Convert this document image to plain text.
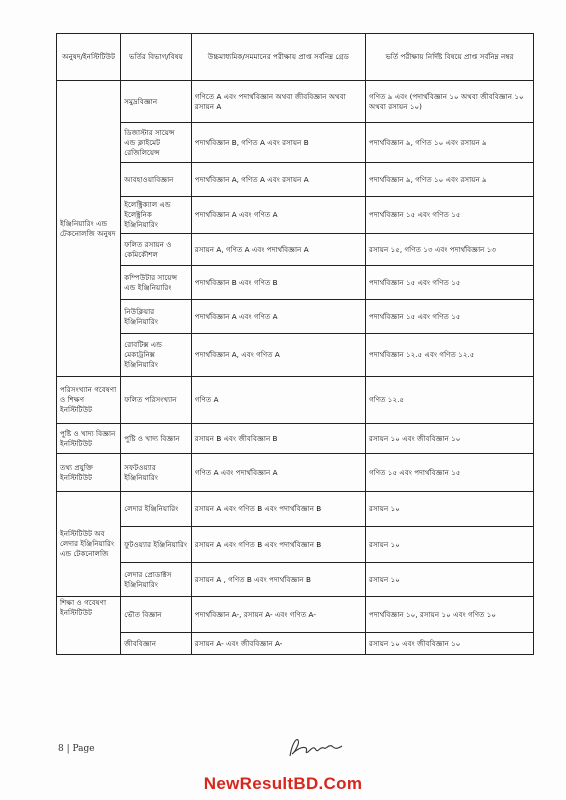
অনুষদ/ইনস্টিটিউট	ভর্তির বিভাগ/বিষয়	উচ্চমাধ্যমিক/সমমানের পরীক্ষায় প্রাপ্ত সর্বনিম্ন গ্রেড	ভর্তি পরীক্ষায় নির্দিষ্ট বিষয়ে প্রাপ্ত সর্বনিম্ন নম্বর
ইঞ্জিনিয়ারিং এন্ড টেকনোলজি অনুষদ	সমুদ্রবিজ্ঞান	গণিতে A এবং পদার্থবিজ্ঞান অথবা জীববিজ্ঞান অথবা রসায়ন A	গণিত ৯ এবং (পদার্থবিজ্ঞান ১০ অথবা জীববিজ্ঞান ১০ অথবা রসায়ন ১০)
	ডিজাস্টার সায়েন্স এন্ড ক্লাইমেট রেজিলিয়েন্স	পদার্থবিজ্ঞান B, গণিত A এবং রসায়ন B	পদার্থবিজ্ঞান ৯, গণিত ১০ এবং রসায়ন ৯
	আবহাওয়াবিজ্ঞান	পদার্থবিজ্ঞান A, গণিত A এবং রসায়ন A	পদার্থবিজ্ঞান ৯, গণিত ১০ এবং রসায়ন ৯
	ইলেক্ট্রিক্যাল এন্ড ইলেক্ট্রনিক ইঞ্জিনিয়ারিং	পদার্থবিজ্ঞান A এবং গণিত A	পদার্থবিজ্ঞান ১৫ এবং গণিত ১৫
	ফলিত রসায়ন ও কেমিকৌশল	রসায়ন A, গণিত A এবং পদার্থবিজ্ঞান A	রসায়ন ১৫, গণিত ১৩ এবং পদার্থবিজ্ঞান ১৩
	কম্পিউটার সায়েন্স এন্ড ইঞ্জিনিয়ারিং	পদার্থবিজ্ঞান B এবং গণিত B	পদার্থবিজ্ঞান ১৫ এবং গণিত ১৫
	নিউক্লিয়ার ইঞ্জিনিয়ারিং	পদার্থবিজ্ঞান A এবং গণিত A	পদার্থবিজ্ঞান ১৫ এবং গণিত ১৫
	রোবটিক্স এন্ড মেকাট্রনিক্স ইঞ্জিনিয়ারিং	পদার্থবিজ্ঞান A, এবং গণিত A	পদার্থবিজ্ঞান ১২.৫ এবং গণিত ১২.৫
পরিসংখ্যান গবেষণা ও শিক্ষণ ইনস্টিটিউট	ফলিত পরিসংখ্যান	গণিত A	গণিত ১২.৫
পুষ্টি ও খাদ্য বিজ্ঞান ইনস্টিটিউট	পুষ্টি ও খাদ্য বিজ্ঞান	রসায়ন B এবং জীববিজ্ঞান B	রসায়ন ১০ এবং জীববিজ্ঞান ১০
তথ্য প্রযুক্তি ইনস্টিটিউট	সফটওয়্যার ইঞ্জিনিয়ারিং	গণিত A এবং পদার্থবিজ্ঞান A	গণিত ১৫ এবং পদার্থবিজ্ঞান ১৫
ইনস্টিটিউট অব লেদার ইঞ্জিনিয়ারিং এন্ড টেকনোলজি	লেদার ইঞ্জিনিয়ারিং	রসায়ন A এবং গণিত B এবং পদার্থবিজ্ঞান B	রসায়ন ১০
	ফুটওয়্যার ইঞ্জিনিয়ারিং	রসায়ন A এবং গণিত B এবং পদার্থবিজ্ঞান B	রসায়ন ১০
	লেদার প্রোডাক্টস ইঞ্জিনিয়ারিং	রসায়ন A , গণিত B এবং পদার্থবিজ্ঞান B	রসায়ন ১০
শিক্ষা ও গবেষণা ইনস্টিটিউট	ভৌত বিজ্ঞান	পদার্থবিজ্ঞান A-, রসায়ন A- এবং গণিত A-	পদার্থবিজ্ঞান ১০, রসায়ন ১০ এবং গণিত ১০
	জীববিজ্ঞান	রসায়ন A- এবং জীববিজ্ঞান A-	রসায়ন ১০ এবং জীববিজ্ঞান ১০
8 | Page
NewResultBD.Com
